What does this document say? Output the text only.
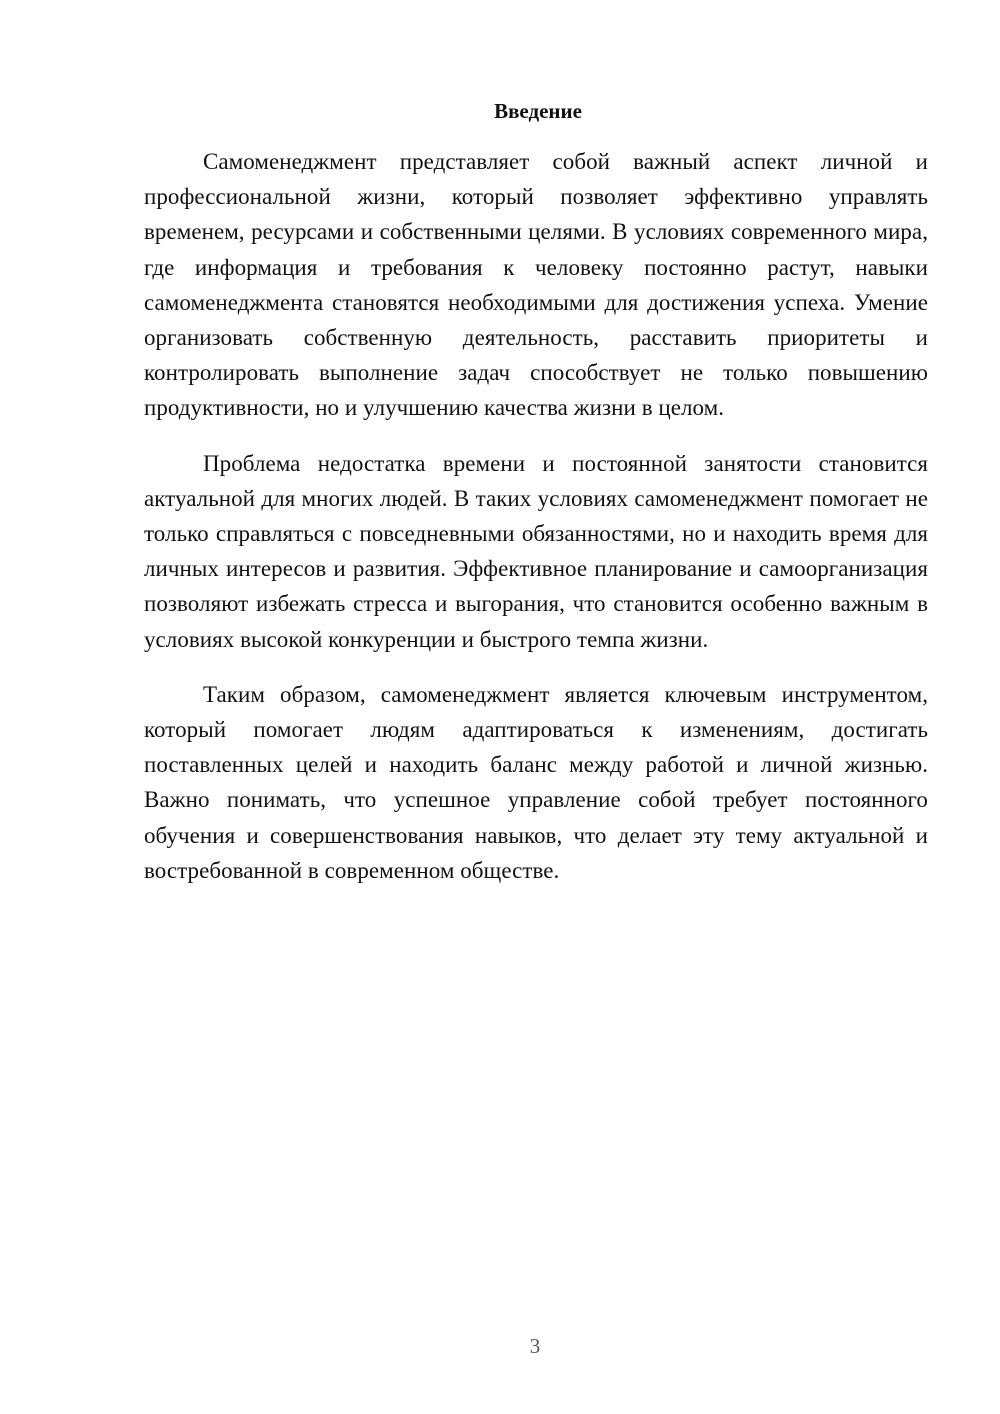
Введение

Самоменеджмент представляет собой важный аспект личной и профессиональной жизни, который позволяет эффективно управлять временем, ресурсами и собственными целями. В условиях современного мира, где информация и требования к человеку постоянно растут, навыки самоменеджмента становятся необходимыми для достижения успеха. Умение организовать собственную деятельность, расставить приоритеты и контролировать выполнение задач способствует не только повышению продуктивности, но и улучшению качества жизни в целом.

Проблема недостатка времени и постоянной занятости становится актуальной для многих людей. В таких условиях самоменеджмент помогает не только справляться с повседневными обязанностями, но и находить время для личных интересов и развития. Эффективное планирование и самоорганизация позволяют избежать стресса и выгорания, что становится особенно важным в условиях высокой конкуренции и быстрого темпа жизни.

Таким образом, самоменеджмент является ключевым инструментом, который помогает людям адаптироваться к изменениям, достигать поставленных целей и находить баланс между работой и личной жизнью. Важно понимать, что успешное управление собой требует постоянного обучения и совершенствования навыков, что делает эту тему актуальной и востребованной в современном обществе.

3
